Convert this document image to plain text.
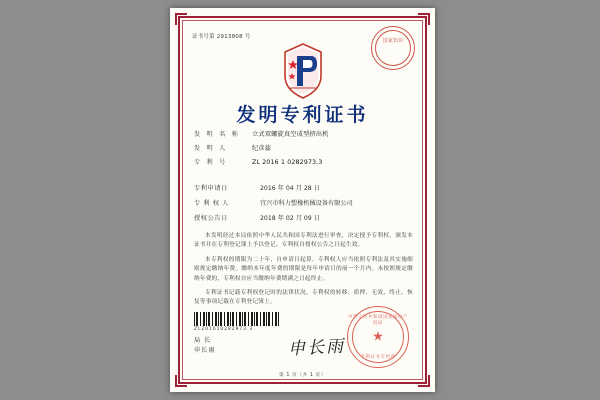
证书号第 2913808 号
国家知识
发明专利证书
发 明 名 称	立式双螺旋真空成型挤出机
发 明 人	纪彦蕊
专 利 号	ZL 2016 1 0282973.3
专利申请日	2016 年 04 月 28 日
专 利 权 人	宜兴市科力塑橡机械设备有限公司
授权公告日	2018 年 02 月 09 日

本发明经过本局依照中华人民共和国专利法进行审查，决定授予专利权，颁发本证书并在专利登记簿上予以登记。专利权自授权公告之日起生效。

本专利权的期限为二十年，自申请日起算。专利权人应当依照专利法及其实施细则规定缴纳年费。缴纳本年度年费的期限是每年申请日的前一个月内。未按照规定缴纳年费的，专利权自应当缴纳年费期满之日起终止。

专利证书记载专利权登记时的法律状况。专利权的转移、质押、无效、终止、恢复等事项记载在专利登记簿上。

ZL201610282973.3
局 长
申长雨	申长雨
中华人民共和国国家知识产权局
★
专利证书专用章
第 1 页（共 1 页）
